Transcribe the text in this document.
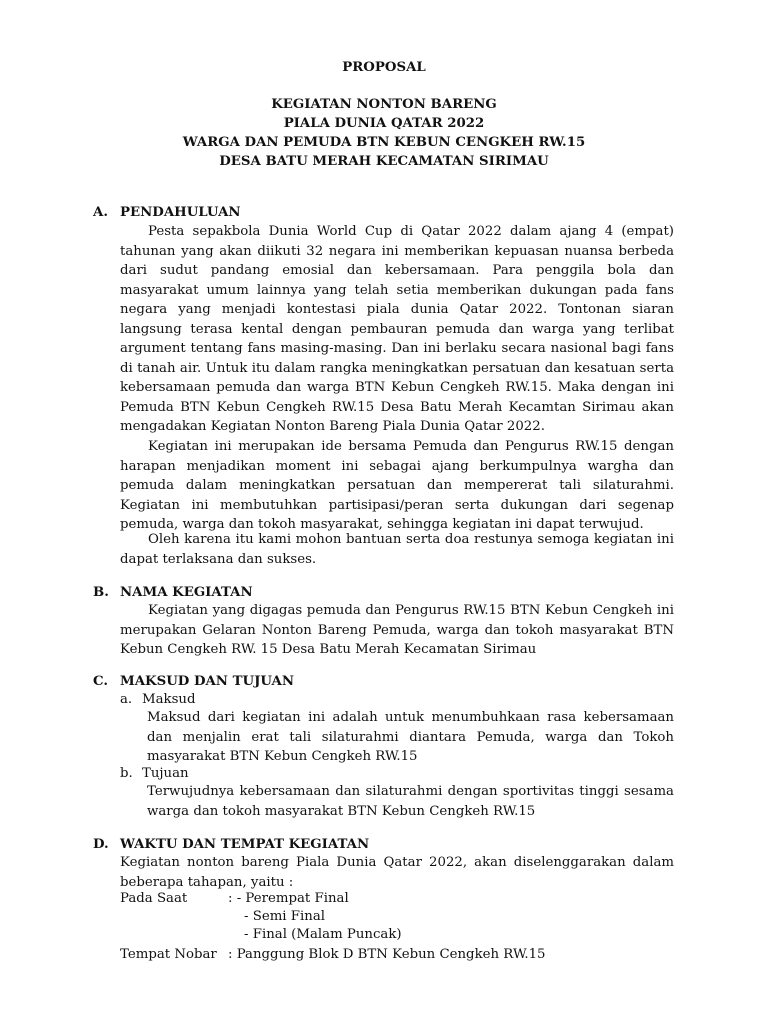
PROPOSAL
KEGIATAN NONTON BARENG
PIALA DUNIA QATAR 2022
WARGA DAN PEMUDA BTN KEBUN CENGKEH RW.15
DESA BATU MERAH KECAMATAN SIRIMAU
A. PENDAHULUAN
Pesta sepakbola Dunia World Cup di Qatar 2022 dalam ajang 4 (empat) tahunan yang akan diikuti 32 negara ini memberikan kepuasan nuansa berbeda dari sudut pandang emosial dan kebersamaan. Para penggila bola dan masyarakat umum lainnya yang telah setia memberikan dukungan pada fans negara yang menjadi kontestasi piala dunia Qatar 2022. Tontonan siaran langsung terasa kental dengan pembauran pemuda dan warga yang terlibat argument tentang fans masing-masing. Dan ini berlaku secara nasional bagi fans di tanah air. Untuk itu dalam rangka meningkatkan persatuan dan kesatuan serta kebersamaan pemuda dan warga BTN Kebun Cengkeh RW.15. Maka dengan ini Pemuda BTN Kebun Cengkeh RW.15 Desa Batu Merah Kecamtan Sirimau akan mengadakan Kegiatan Nonton Bareng Piala Dunia Qatar 2022.
Kegiatan ini merupakan ide bersama Pemuda dan Pengurus RW.15 dengan harapan menjadikan moment ini sebagai ajang berkumpulnya wargha dan pemuda dalam meningkatkan persatuan dan mempererat tali silaturahmi. Kegiatan ini membutuhkan partisipasi/peran serta dukungan dari segenap pemuda, warga dan tokoh masyarakat, sehingga kegiatan ini dapat terwujud.
Oleh karena itu kami mohon bantuan serta doa restunya semoga kegiatan ini dapat terlaksana dan sukses.
B. NAMA KEGIATAN
Kegiatan yang digagas pemuda dan Pengurus RW.15 BTN Kebun Cengkeh ini merupakan Gelaran Nonton Bareng Pemuda, warga dan tokoh masyarakat BTN Kebun Cengkeh RW. 15 Desa Batu Merah Kecamatan Sirimau
C. MAKSUD DAN TUJUAN
a. Maksud
Maksud dari kegiatan ini adalah untuk menumbuhkaan rasa kebersamaan dan menjalin erat tali silaturahmi diantara Pemuda, warga dan Tokoh masyarakat BTN Kebun Cengkeh RW.15
b. Tujuan
Terwujudnya kebersamaan dan silaturahmi dengan sportivitas tinggi sesama warga dan tokoh masyarakat BTN Kebun Cengkeh RW.15
D. WAKTU DAN TEMPAT KEGIATAN
Kegiatan nonton bareng Piala Dunia Qatar 2022, akan diselenggarakan dalam beberapa tahapan, yaitu :
Pada Saat	: - Perempat Final
- Semi Final
- Final (Malam Puncak)
Tempat Nobar : Panggung Blok D BTN Kebun Cengkeh RW.15
